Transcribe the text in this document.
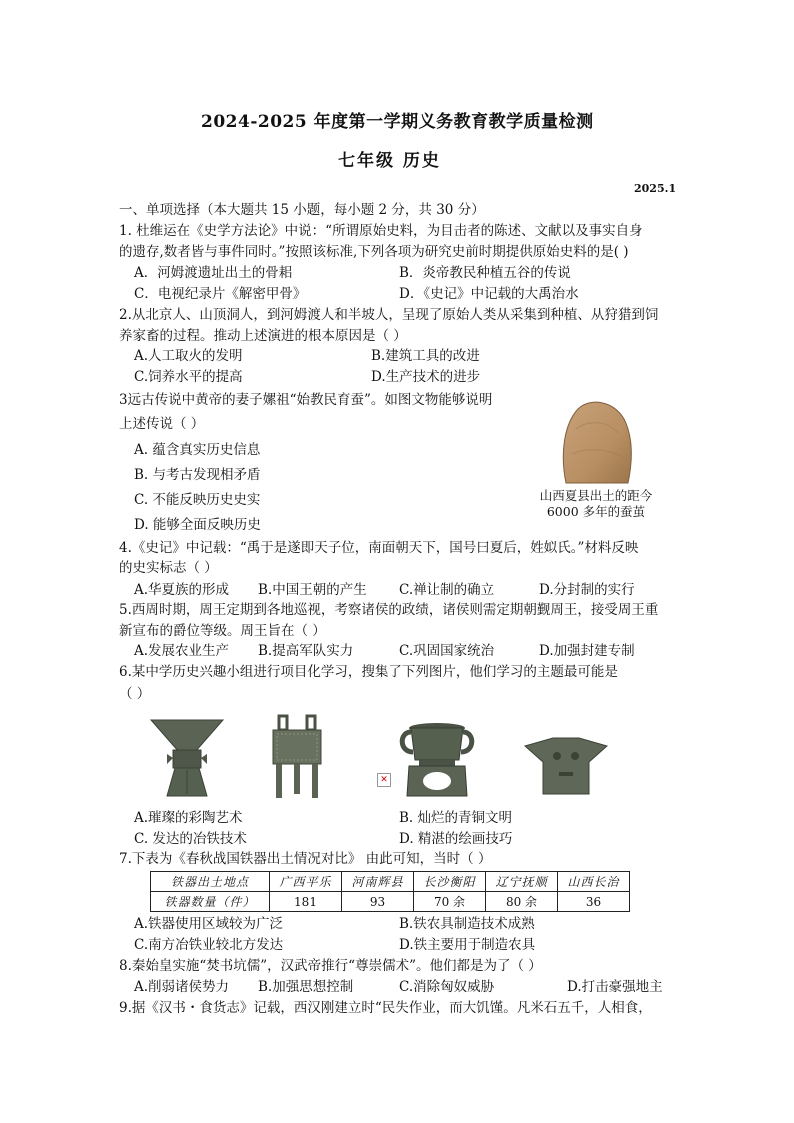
2024-2025 年度第一学期义务教育教学质量检测
七年级 历史
2025.1
一、单项选择（本大题共 15 小题，每小题 2 分，共 30 分）
1. 杜维运在《史学方法论》中说：“所谓原始史料，为目击者的陈述、文献以及事实自身
的遗存,数者皆与事件同时。”按照该标准,下列各项为研究史前时期提供原始史料的是( )
A．河姆渡遗址出土的骨耜	B．炎帝教民种植五谷的传说
C．电视纪录片《解密甲骨》	D．《史记》中记载的大禹治水
2.从北京人、山顶洞人，到河姆渡人和半坡人，呈现了原始人类从采集到种植、从狩猎到饲
养家畜的过程。推动上述演进的根本原因是（ ）
A.人工取火的发明	B.建筑工具的改进
C.饲养水平的提高	D.生产技术的进步
3远古传说中黄帝的妻子嫘祖“始教民育蚕”。如图文物能够说明
上述传说（ ）
A. 蕴含真实历史信息
B. 与考古发现相矛盾
C. 不能反映历史史实
D. 能够全面反映历史
山西夏县出土的距今
6000 多年的蚕茧
4.《史记》中记载：“禹于是遂即天子位，南面朝天下，国号曰夏后，姓姒氏。”材料反映
的史实标志（ ）
A.华夏族的形成 B.中国王朝的产生 C.禅让制的确立	D.分封制的实行
5.西周时期，周王定期到各地巡视，考察诸侯的政绩，诸侯则需定期朝觐周王，接受周王重
新宣布的爵位等级。周王旨在（ ）
A.发展农业生产 B.提高军队实力	C.巩固国家统治	D.加强封建专制
6.某中学历史兴趣小组进行项目化学习，搜集了下列图片，他们学习的主题最可能是
（ ）
✕
A.璀璨的彩陶艺术	B. 灿烂的青铜文明
C. 发达的冶铁技术	D. 精湛的绘画技巧
7.下表为《春秋战国铁器出土情况对比》 由此可知，当时（ ）
铁器出土地点	广西平乐	河南辉县	长沙衡阳	辽宁抚顺	山西长治
铁器数量（件）	181	93	70 余	80 余	36
A.铁器使用区域较为广泛	B.铁农具制造技术成熟
C.南方冶铁业较北方发达	D.铁主要用于制造农具
8.秦始皇实施“焚书坑儒”，汉武帝推行“尊崇儒术”。他们都是为了（ ）
A.削弱诸侯势力 B.加强思想控制	C.消除匈奴威胁	D.打击豪强地主
9.据《汉书・食货志》记载，西汉刚建立时“民失作业，而大饥馑。凡米石五千，人相食，
